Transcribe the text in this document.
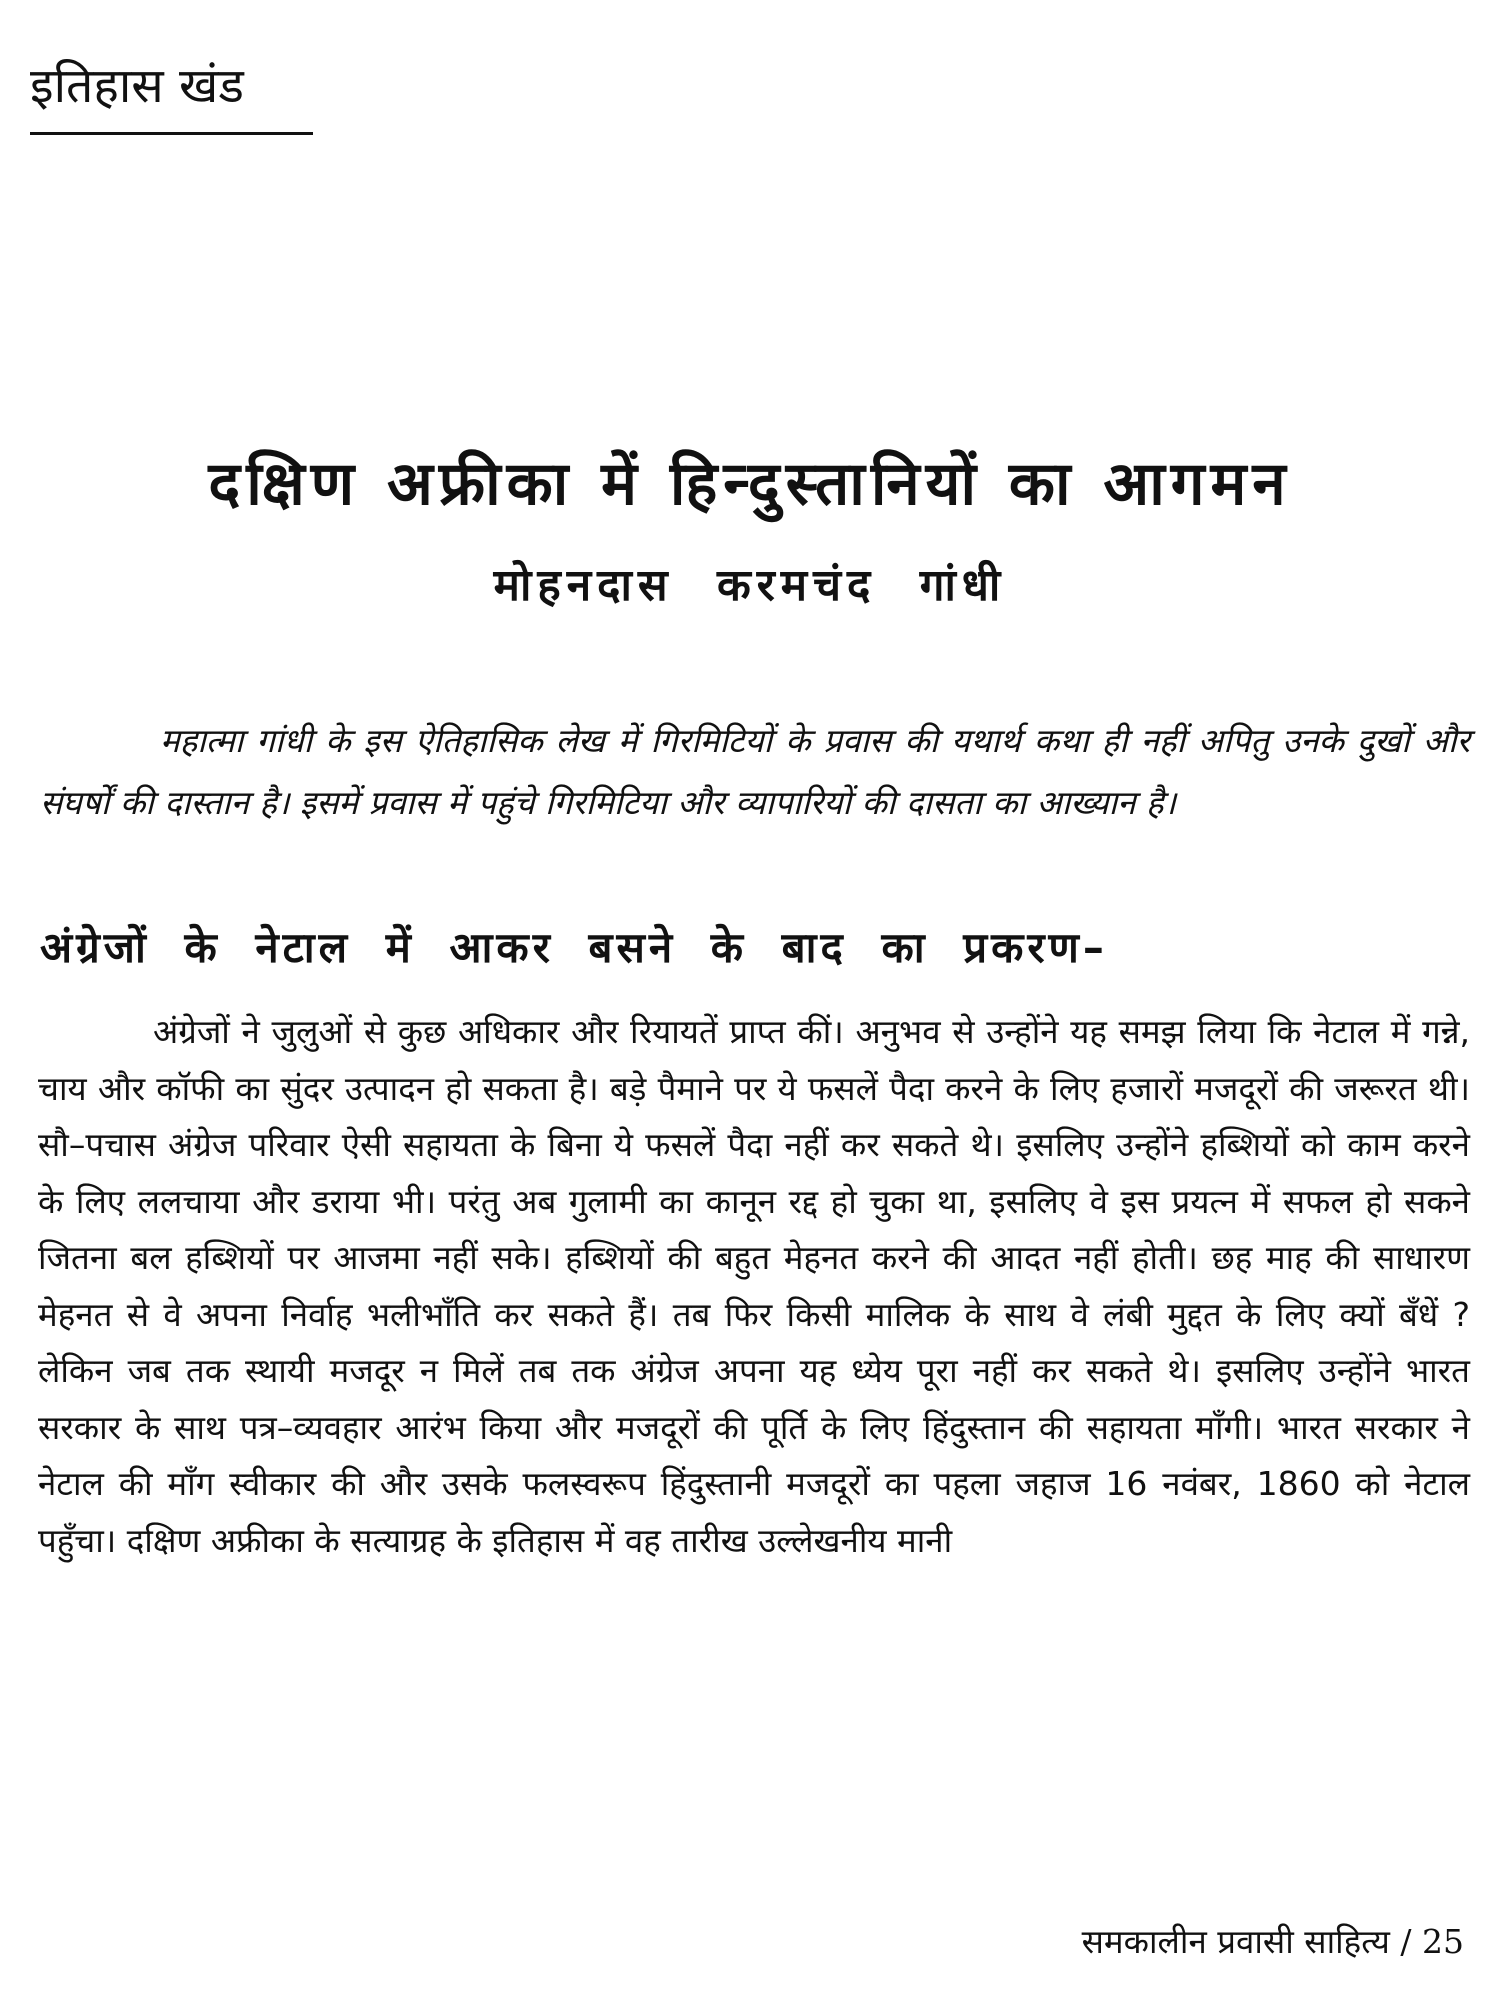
इतिहास खंड
दक्षिण अफ्रीका में हिन्दुस्तानियों का आगमन
मोहनदास करमचंद गांधी

महात्मा गांधी के इस ऐतिहासिक लेख में गिरमिटियों के प्रवास की यथार्थ कथा ही नहीं अपितु उनके दुखों और संघर्षों की दास्तान है। इसमें प्रवास में पहुंचे गिरमिटिया और व्यापारियों की दासता का आख्यान है।

अंग्रेजों के नेटाल में आकर बसने के बाद का प्रकरण–

अंग्रेजों ने जुलुओं से कुछ अधिकार और रियायतें प्राप्त कीं। अनुभव से उन्होंने यह समझ लिया कि नेटाल में गन्ने, चाय और कॉफी का सुंदर उत्पादन हो सकता है। बड़े पैमाने पर ये फसलें पैदा करने के लिए हजारों मजदूरों की जरूरत थी। सौ–पचास अंग्रेज परिवार ऐसी सहायता के बिना ये फसलें पैदा नहीं कर सकते थे। इसलिए उन्होंने हब्शियों को काम करने के लिए ललचाया और डराया भी। परंतु अब गुलामी का कानून रद्द हो चुका था, इसलिए वे इस प्रयत्न में सफल हो सकने जितना बल हब्शियों पर आजमा नहीं सके। हब्शियों की बहुत मेहनत करने की आदत नहीं होती। छह माह की साधारण मेहनत से वे अपना निर्वाह भलीभाँति कर सकते हैं। तब फिर किसी मालिक के साथ वे लंबी मुद्दत के लिए क्यों बँधें ? लेकिन जब तक स्थायी मजदूर न मिलें तब तक अंग्रेज अपना यह ध्येय पूरा नहीं कर सकते थे। इसलिए उन्होंने भारत सरकार के साथ पत्र–व्यवहार आरंभ किया और मजदूरों की पूर्ति के लिए हिंदुस्तान की सहायता माँगी। भारत सरकार ने नेटाल की माँग स्वीकार की और उसके फलस्वरूप हिंदुस्तानी मजदूरों का पहला जहाज 16 नवंबर, 1860 को नेटाल पहुँचा। दक्षिण अफ्रीका के सत्याग्रह के इतिहास में वह तारीख उल्लेखनीय मानी

समकालीन प्रवासी साहित्य / 25
